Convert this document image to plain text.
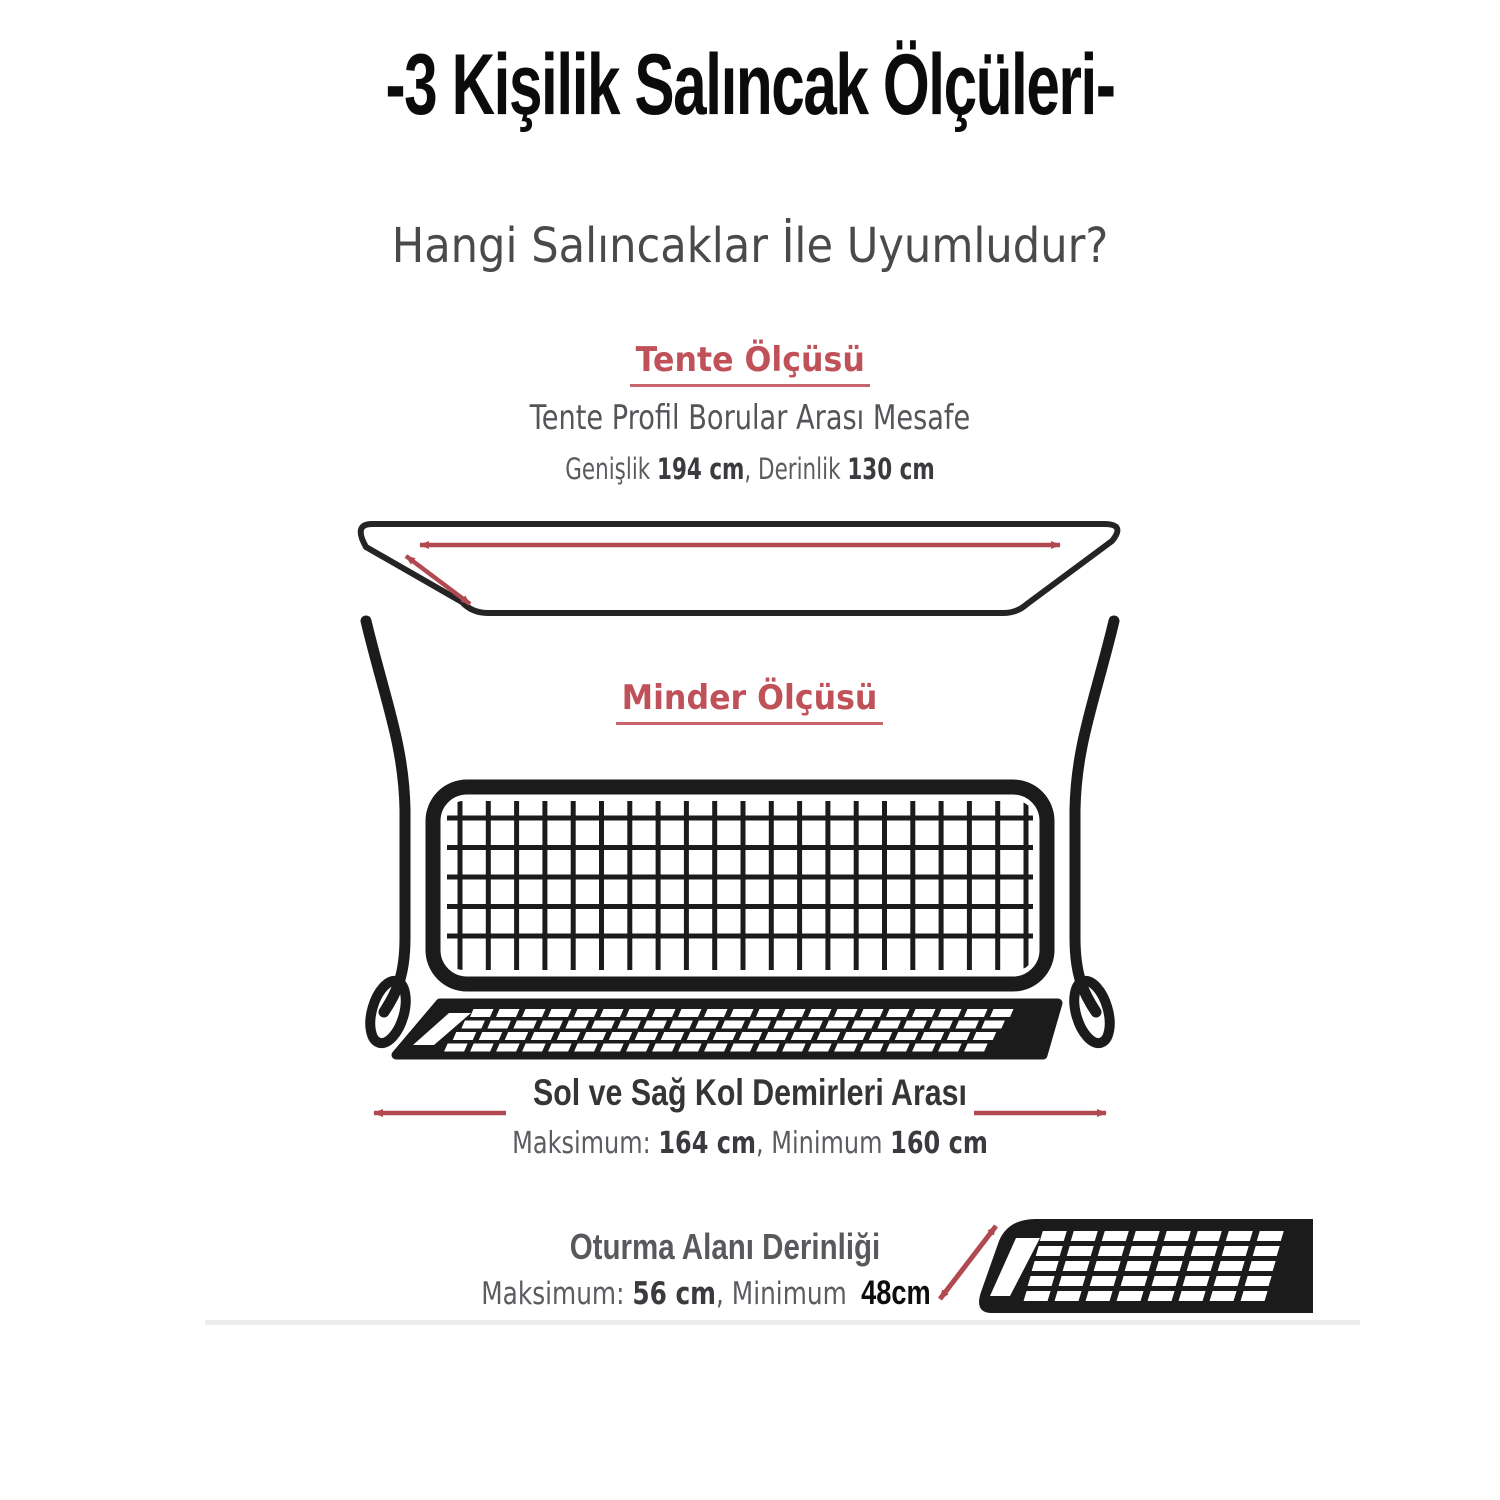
-3 Kişilik Salıncak Ölçüleri-
Hangi Salıncaklar İle Uyumludur?
Tente Ölçüsü
Tente Profil Borular Arası Mesafe
Genişlik 194 cm, Derinlik 130 cm
Minder Ölçüsü
Sol ve Sağ Kol Demirleri Arası
Maksimum: 164 cm, Minimum 160 cm
Oturma Alanı Derinliği
Maksimum: 56 cm, Minimum 48cm
